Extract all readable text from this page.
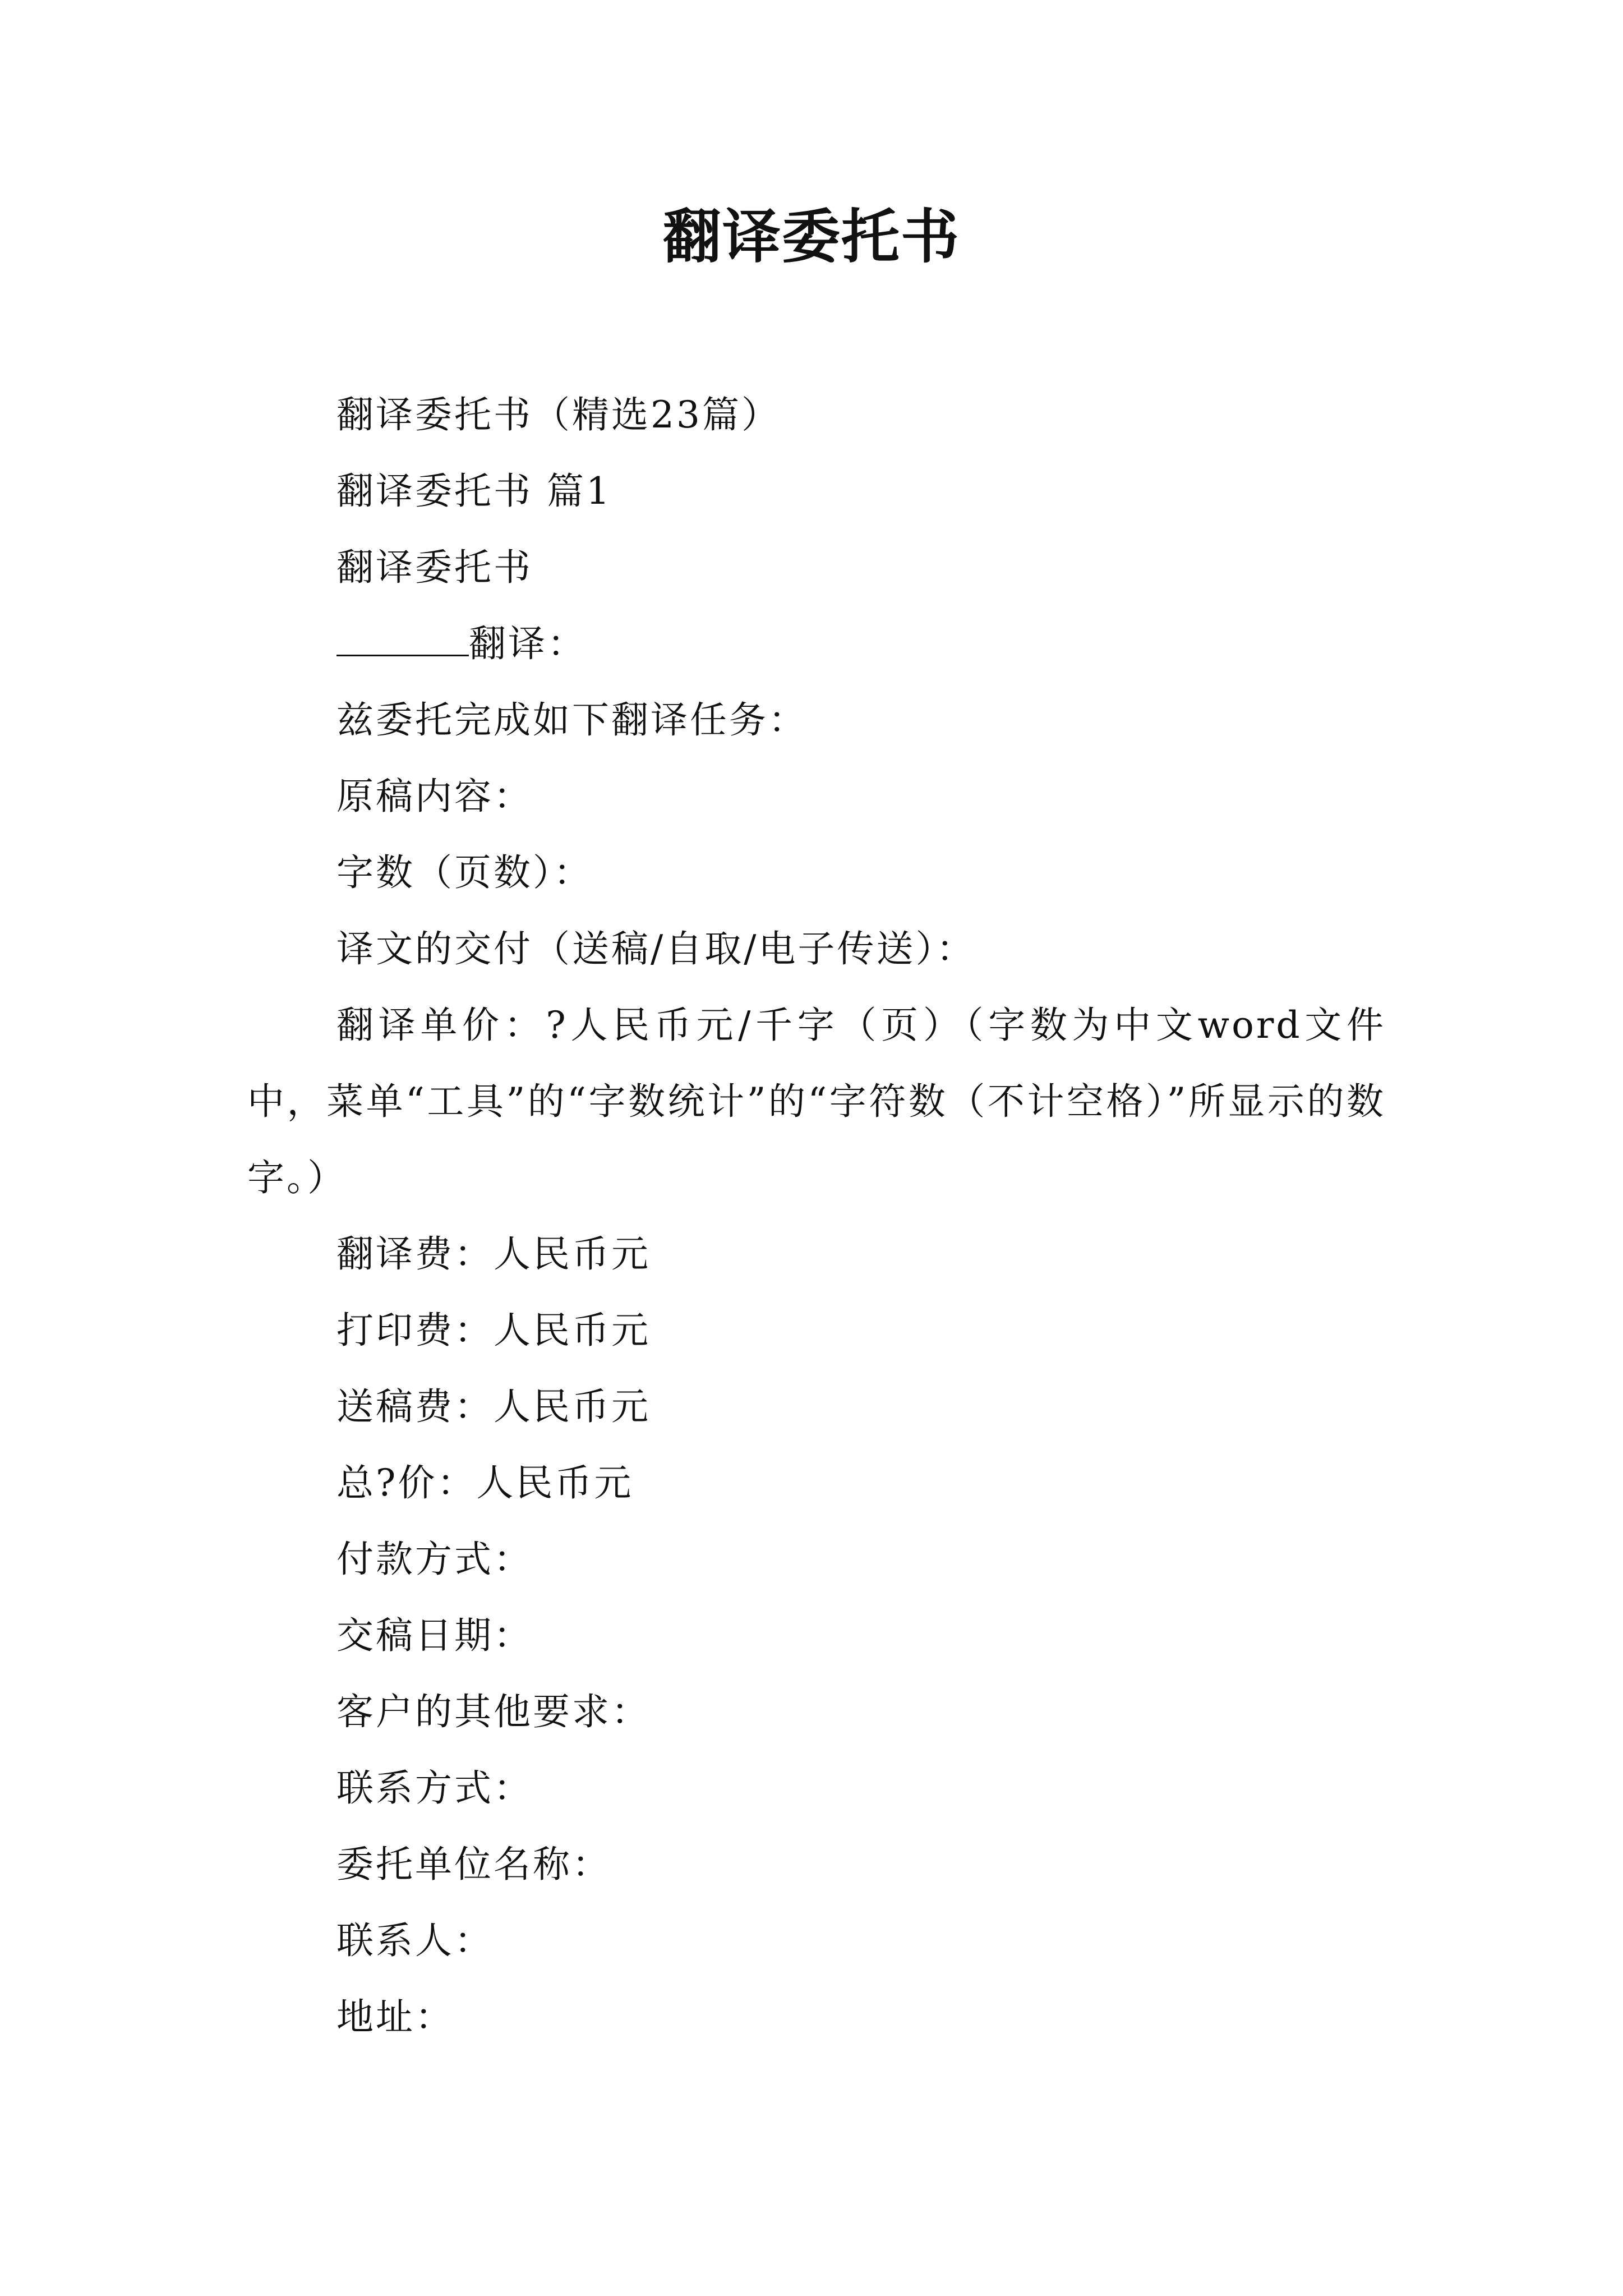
翻译委托书

翻译委托书（精选23篇）

翻译委托书 篇1

翻译委托书

翻译：

兹委托完成如下翻译任务：

原稿内容：

字数（页数）：

译文的交付（送稿/自取/电子传送）：

翻译单价：?人民币元/千字（页）（字数为中文word文件中，菜单“工具”的“字数统计”的“字符数（不计空格）”所显示的数字。）

翻译费：人民币元

打印费：人民币元

送稿费：人民币元

总?价：人民币元

付款方式：

交稿日期：

客户的其他要求：

联系方式：

委托单位名称：

联系人：

地址：
